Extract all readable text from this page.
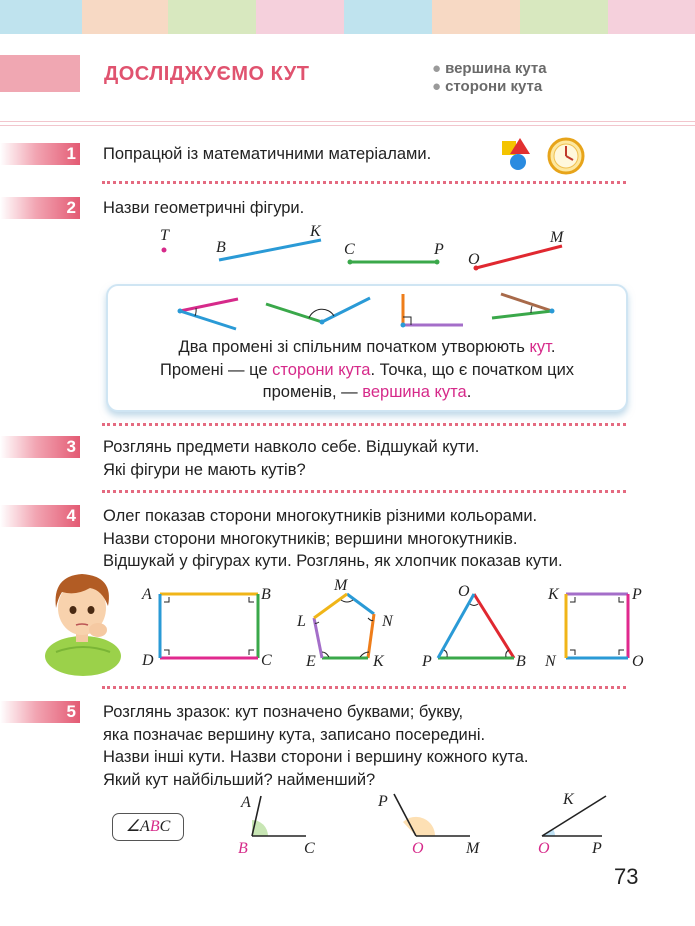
ДОСЛІДЖУЄМО КУТ	● вершина кута
● сторони кута
1 Попрацюй із математичними матеріалами.
2 Назви геометричні фігури.
T
B
K
C	P
O
M
Два промені зі спільним початком утворюють кут.
Промені — це сторони кута. Точка, що є початком цих
променів, — вершина кута.
3 Розглянь предмети навколо себе. Відшукай кути.
Які фігури не мають кутів?
4 Олег показав сторони многокутників різними кольорами.
Назви сторони многокутників; вершини многокутників.
Відшукай у фігурах кути. Розглянь, як хлопчик показав кути.
A	B
C
D
M
N
K
E
L
O
B
P
K	P
O
N
5 Розглянь зразок: кут позначено буквами; букву,
яка позначає вершину кута, записано посередині.
Назви інші кути. Назви сторони і вершину кожного кута.
Який кут найбільший? найменший?
∠ABC
A
B	C
P
O	M
K
O	P
73
